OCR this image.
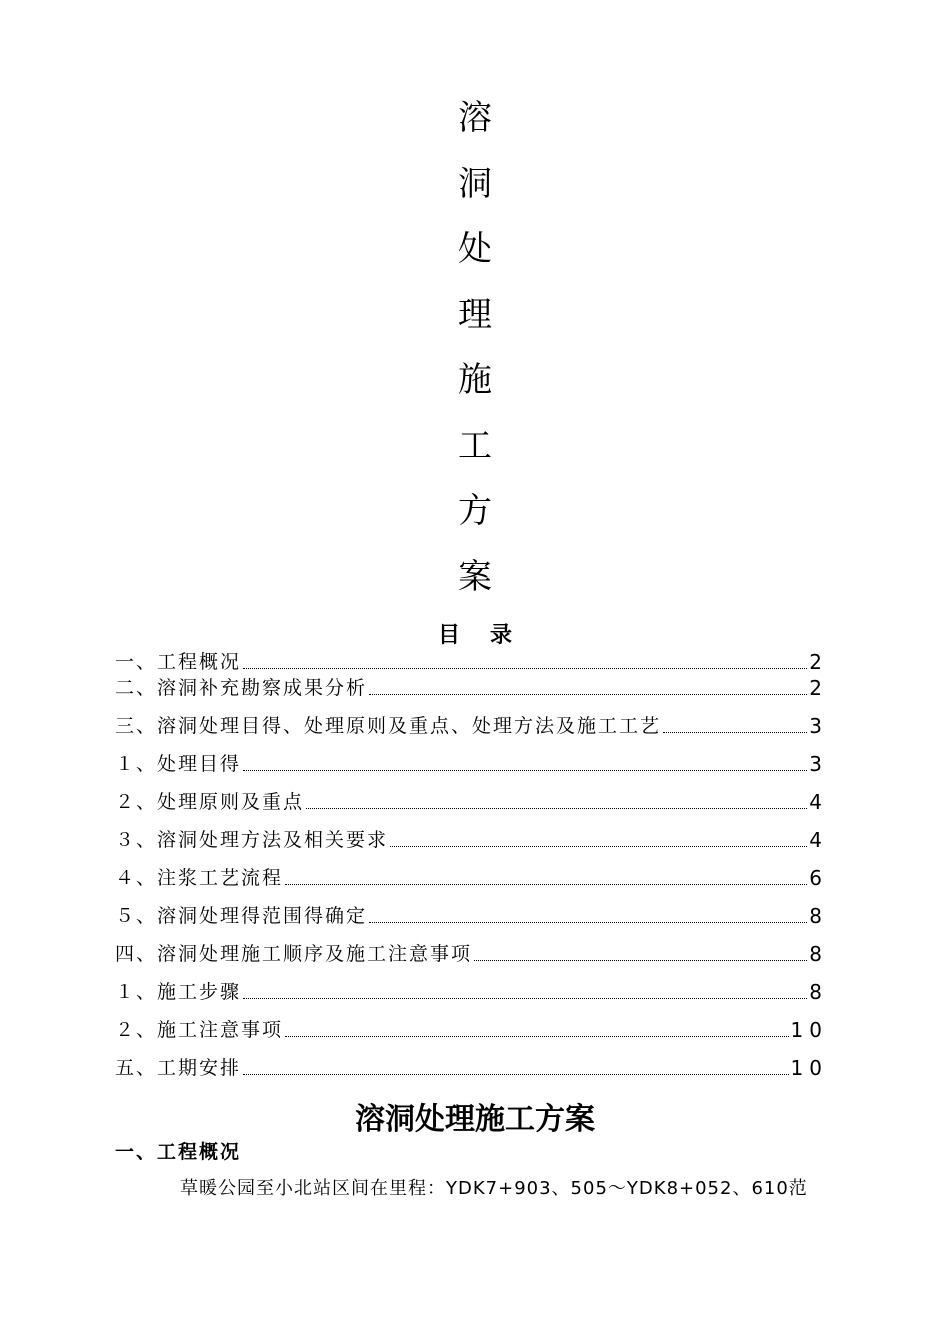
溶
洞
处
理
施
工
方
案
目 录
一、工程概况	2
二、溶洞补充勘察成果分析	2
三、溶洞处理目得、处理原则及重点、处理方法及施工工艺	3
１、处理目得	3
２、处理原则及重点	4
３、溶洞处理方法及相关要求	4
４、注浆工艺流程	6
５、溶洞处理得范围得确定	8
四、溶洞处理施工顺序及施工注意事项	8
１、施工步骤	8
２、施工注意事项	10
五、工期安排	10
溶洞处理施工方案
一、工程概况
草暖公园至小北站区间在里程：YDK7+903、505～YDK8+052、610范
